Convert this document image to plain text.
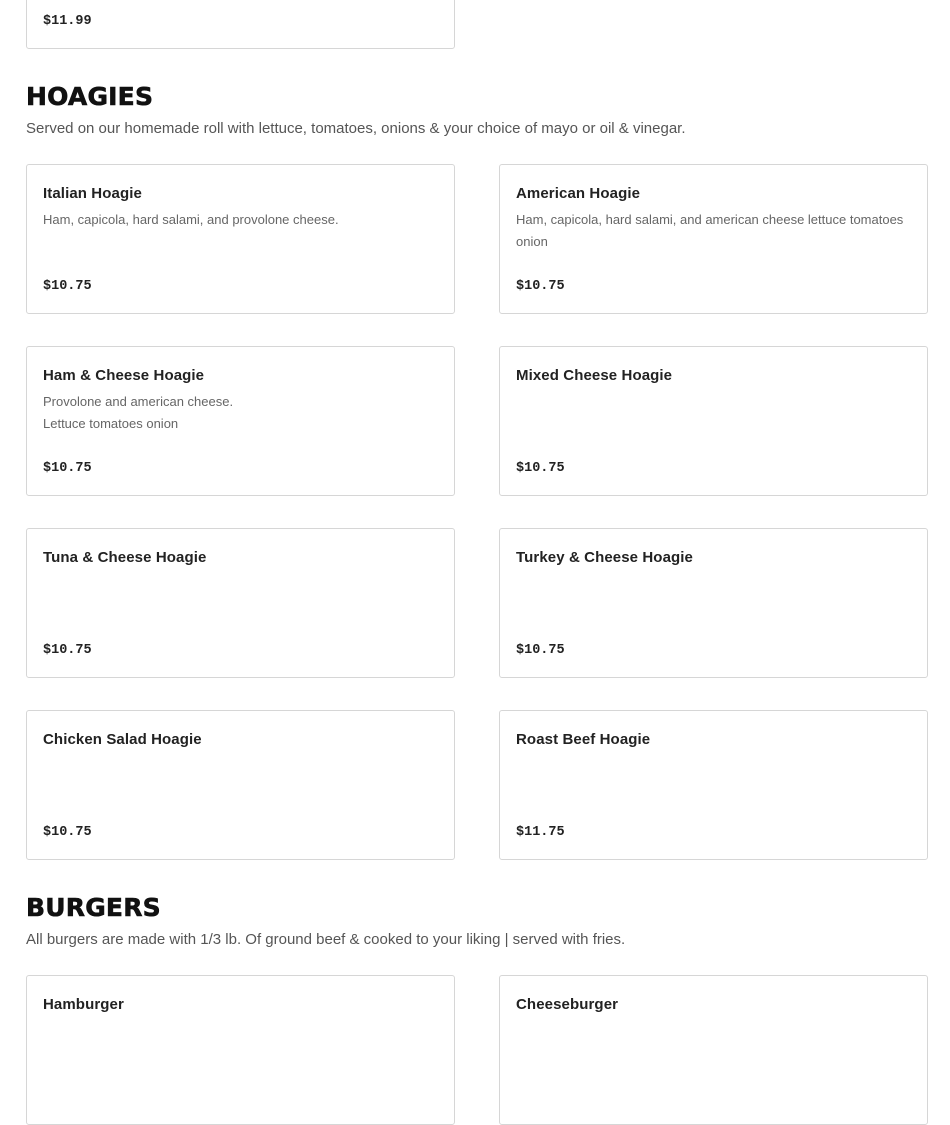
$11.99
HOAGIES
Served on our homemade roll with lettuce, tomatoes, onions & your choice of mayo or oil & vinegar.
Italian Hoagie
Ham, capicola, hard salami, and provolone cheese.
$10.75
American Hoagie
Ham, capicola, hard salami, and american cheese lettuce tomatoes onion
$10.75
Ham & Cheese Hoagie
Provolone and american cheese.
Lettuce tomatoes onion
$10.75
Mixed Cheese Hoagie
$10.75
Tuna & Cheese Hoagie
$10.75
Turkey & Cheese Hoagie
$10.75
Chicken Salad Hoagie
$10.75
Roast Beef Hoagie
$11.75
BURGERS
All burgers are made with 1/3 lb. Of ground beef & cooked to your liking | served with fries.
Hamburger	Cheeseburger
